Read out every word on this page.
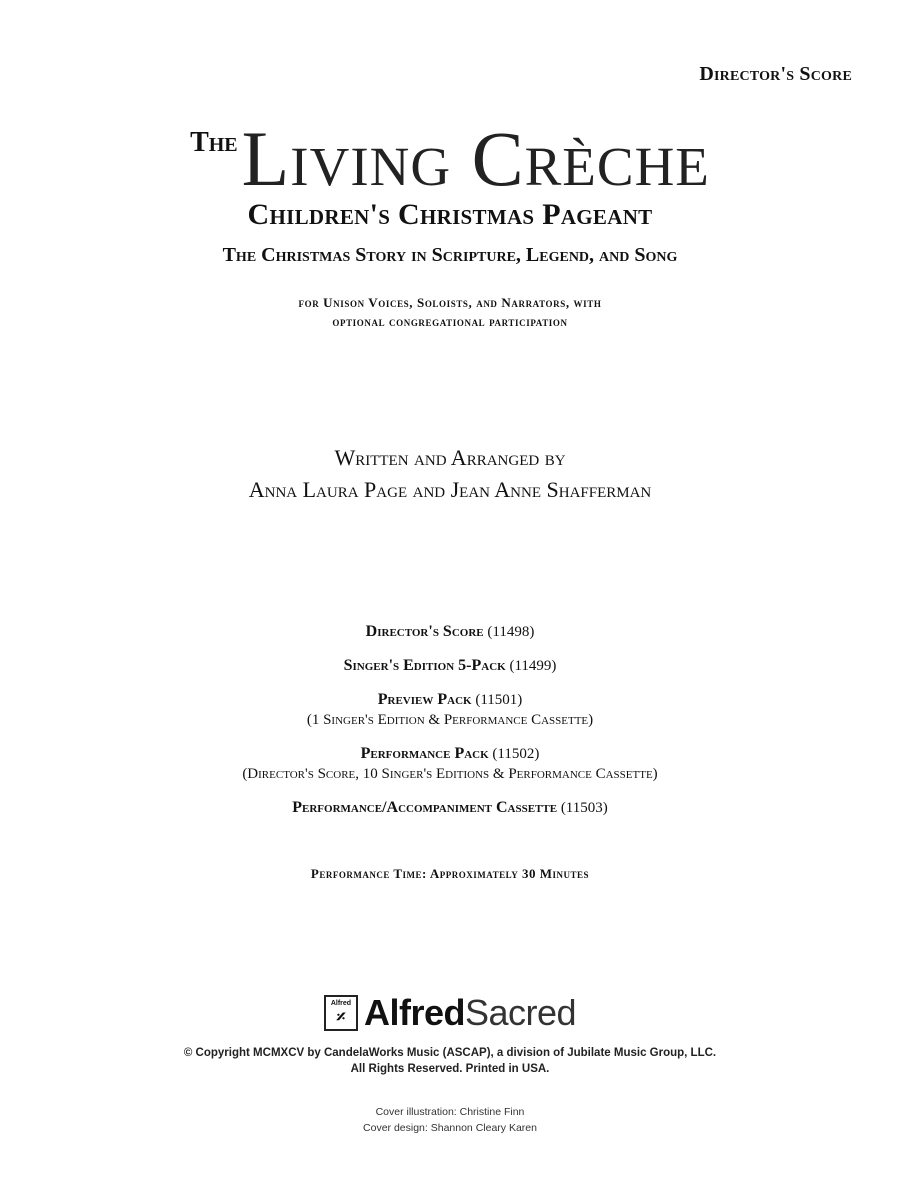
Director's Score
TheLiving Crèche
Children's Christmas Pageant
The Christmas Story in Scripture, Legend, and Song
for Unison Voices, Soloists, and Narrators, with
optional congregational participation
Written and Arranged by
Anna Laura Page and Jean Anne Shafferman
Director's Score (11498)
Singer's Edition 5-Pack (11499)
Preview Pack (11501)
(1 Singer's Edition & Performance Cassette)
Performance Pack (11502)
(Director's Score, 10 Singer's Editions & Performance Cassette)
Performance/Accompaniment Cassette (11503)
Performance Time: Approximately 30 Minutes
Alfred
𝄎 AlfredSacred
© Copyright MCMXCV by CandelaWorks Music (ASCAP), a division of Jubilate Music Group, LLC.
All Rights Reserved. Printed in USA.
Cover illustration: Christine Finn
Cover design: Shannon Cleary Karen
